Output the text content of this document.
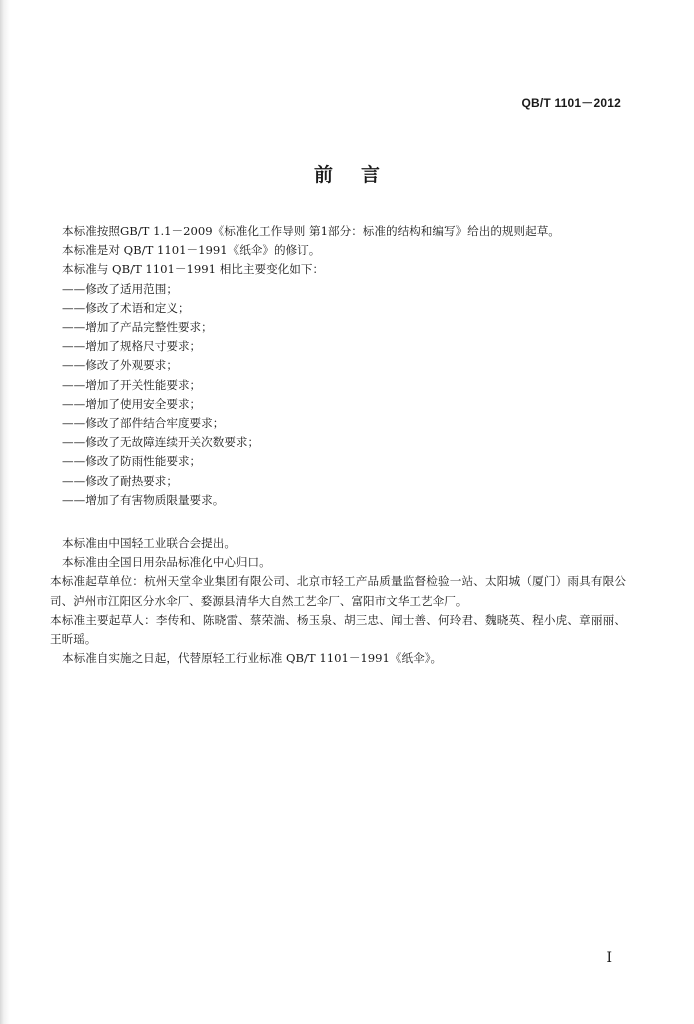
QB/T 1101－2012
前言
本标准按照GB/T 1.1－2009《标准化工作导则 第1部分：标准的结构和编写》给出的规则起草。
本标准是对 QB/T 1101－1991《纸伞》的修订。
本标准与 QB/T 1101－1991 相比主要变化如下：
——修改了适用范围；
——修改了术语和定义；
——增加了产品完整性要求；
——增加了规格尺寸要求；
——修改了外观要求；
——增加了开关性能要求；
——增加了使用安全要求；
——修改了部件结合牢度要求；
——修改了无故障连续开关次数要求；
——修改了防雨性能要求；
——修改了耐热要求；
——增加了有害物质限量要求。
本标准由中国轻工业联合会提出。
本标准由全国日用杂品标准化中心归口。
本标准起草单位：杭州天堂伞业集团有限公司、北京市轻工产品质量监督检验一站、太阳城（厦门）雨具有限公司、泸州市江阳区分水伞厂、婺源县清华大自然工艺伞厂、富阳市文华工艺伞厂。
本标准主要起草人：李传和、陈晓雷、蔡荣湍、杨玉泉、胡三忠、闻士善、何玲君、魏晓英、程小虎、章丽丽、王昕瑶。
本标准自实施之日起，代替原轻工行业标准 QB/T 1101－1991《纸伞》。
I
